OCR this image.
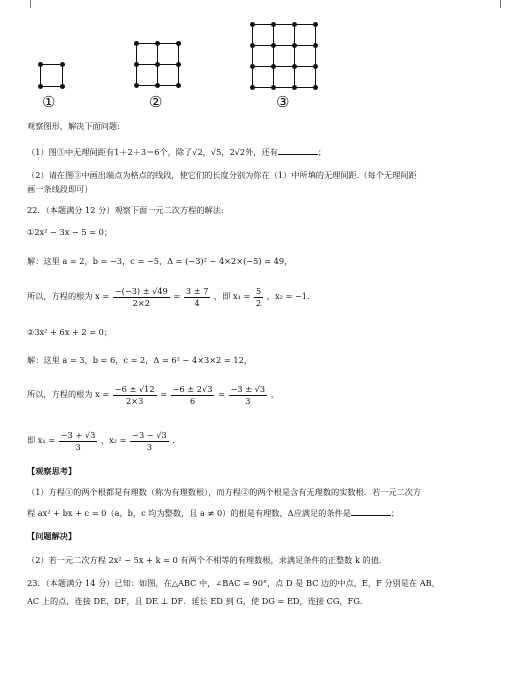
①	②	③
观察图形，解决下面问题:
（1）图③中无理间距有1＋2＋3＝6个，除了√2，√5，2√2外，还有	；
（2）请在图③中画出端点为格点的线段，使它们的长度分别为你在（1）中所填的无理间距.（每个无理间距
画一条线段即可）
22．（本题满分 12 分）观察下面一元二次方程的解法:
①2x² − 3x − 5 = 0；
解：这里 a = 2，b = −3，c = −5，Δ = (−3)² − 4×2×(−5) = 49，
所以，方程的根为 $x = \frac{-(-3) \pm √49}{2\times 2} = \frac{3 \pm 7}{4}$ ，即 $x_1 = \frac{5}{2}$ ，x₂ = −1．
②3x² + 6x + 2 = 0；
解：这里 a = 3，b = 6，c = 2，Δ = 6² − 4×3×2 = 12，
所以，方程的根为 $x = \frac{-6 \pm √12}{2\times 3} = \frac{-6 \pm 2√3}{6} = \frac{-3 \pm √3}{3}$ ，
即 $x_1 = \frac{-3 + √3}{3}$ ，$x_2 = \frac{-3 - √3}{3}$ ．
【观察思考】
（1）方程①的两个根都是有理数（称为有理数根），而方程②的两个根是含有无理数的实数根．若一元二次方
程 ax² + bx + c = 0（a，b，c 均为整数，且 a ≠ 0）的根是有理数，Δ应满足的条件是	；
【问题解决】
（2）若一元二次方程 2x² − 5x + k = 0 有两个不相等的有理数根，求满足条件的正整数 k 的值．
23．（本题满分 14 分）已知：如图，在△ABC 中，∠BAC = 90°，点 D 是 BC 边的中点，E，F 分别是在 AB，
AC 上的点，连接 DE，DF，且 DE ⊥ DF．延长 ED 到 G，使 DG = ED，连接 CG，FG．
